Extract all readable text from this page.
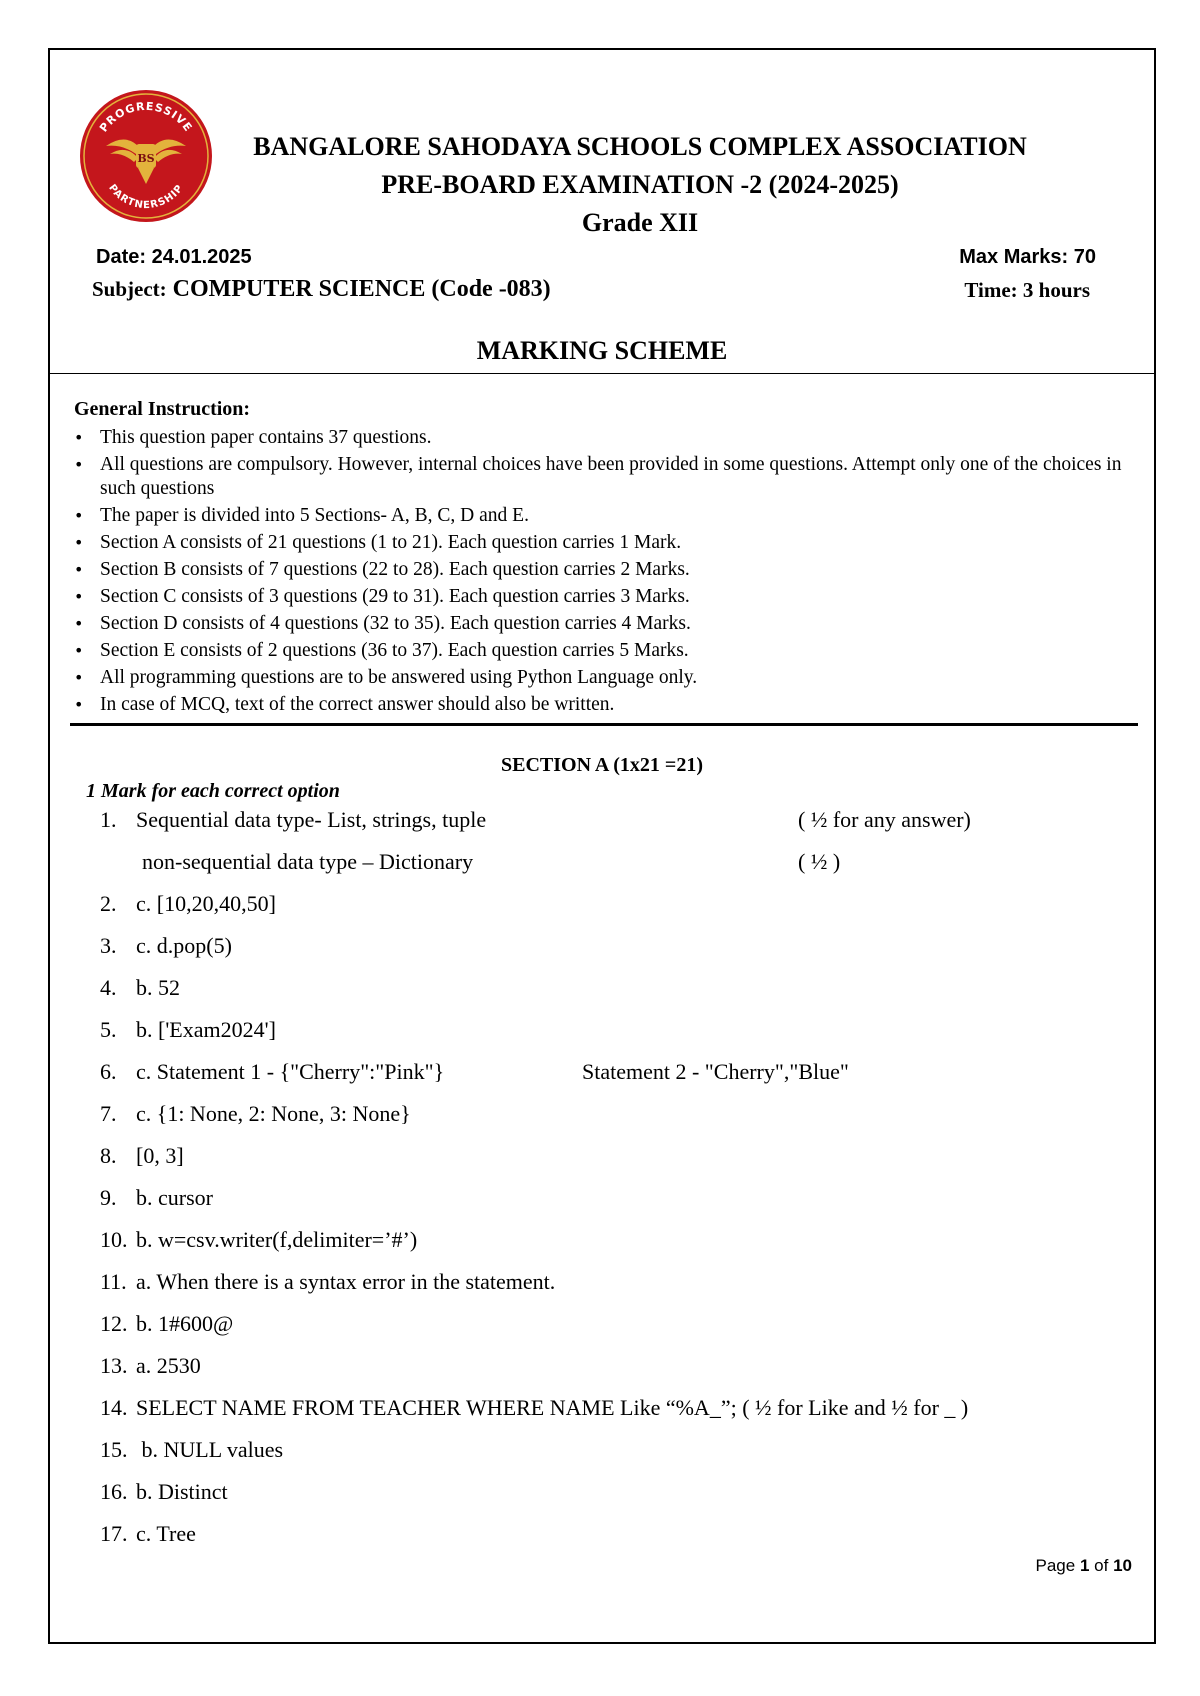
PROGRESSIVE
PARTNERSHIP
BS	BANGALORE SAHODAYA SCHOOLS COMPLEX ASSOCIATION
PRE-BOARD EXAMINATION -2 (2024-2025)
Grade XII
Date: 24.01.2025	Max Marks: 70
Subject: COMPUTER SCIENCE (Code -083)	Time: 3 hours
MARKING SCHEME
General Instruction:
• This question paper contains 37 questions.
• All questions are compulsory. However, internal choices have been provided in some questions. Attempt only one of the choices in such questions
• The paper is divided into 5 Sections- A, B, C, D and E.
• Section A consists of 21 questions (1 to 21). Each question carries 1 Mark.
• Section B consists of 7 questions (22 to 28). Each question carries 2 Marks.
• Section C consists of 3 questions (29 to 31). Each question carries 3 Marks.
• Section D consists of 4 questions (32 to 35). Each question carries 4 Marks.
• Section E consists of 2 questions (36 to 37). Each question carries 5 Marks.
• All programming questions are to be answered using Python Language only.
• In case of MCQ, text of the correct answer should also be written.
SECTION A (1x21 =21)
1 Mark for each correct option
1. Sequential data type- List, strings, tuple	( ½ for any answer)
non-sequential data type – Dictionary	( ½ )
2. c. [10,20,40,50]
3. c. d.pop(5)
4. b. 52
5. b. ['Exam2024']
6. c. Statement 1 - {"Cherry":"Pink"}	Statement 2 - "Cherry","Blue"
7. c. {1: None, 2: None, 3: None}
8. [0, 3]
9. b. cursor
10. b. w=csv.writer(f,delimiter=’#’)
11. a. When there is a syntax error in the statement.
12. b. 1#600@
13. a. 2530
14. SELECT NAME FROM TEACHER WHERE NAME Like “%A_”; ( ½ for Like and ½ for _ )
15. b. NULL values
16. b. Distinct
17. c. Tree
Page 1 of 10
